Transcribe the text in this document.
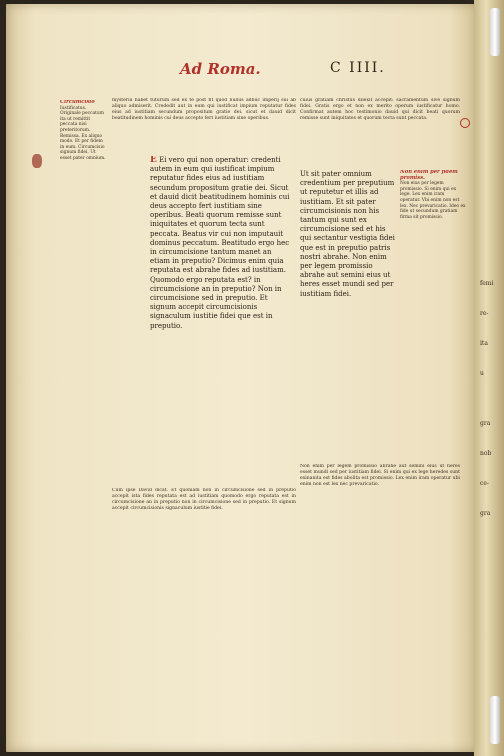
femi
re-
ita
u
gra
nob
ce-
gra
Ad Roma.	C IIII.

mysteriu habet futurum sed ex te post fit quod nullus adhuc imperij sui ab aliquo admiserit. Crededit aut in eum qui iustificat impium reputatur fides eius ad iustitiam secundum propositum gratie dei. sicut et dauid dicit beatitudinem hominis cui deus accepto fert iustitiam sine operibus.

cuius gratiam christus dilexit accepit: sacramentum sive signum fidei. Gratis ergo et non ex merito operum iustificatur homo. Confirmat autem hoc testimonio dauid qui dicit beati quorum remisse sunt iniquitates et quorum tecta sunt peccata.

Circumcisio
Iustificatus. Originale peccatum ita ut remittit peccata nisi preteritorum. Remissa. Ex aliquo modo. Et per fidem in eum. Circumcisio signum fidei. Ut esset pater omnium.	E Ei vero qui non operatur: credenti autem in eum qui iustificat impium reputatur fides eius ad iustitiam secundum propositum gratie dei. Sicut et dauid dicit beatitudinem hominis cui deus accepto fert iustitiam sine operibus. Beati quorum remisse sunt iniquitates et quorum tecta sunt peccata. Beatus vir cui non imputauit dominus peccatum. Beatitudo ergo hec in circumcisione tantum manet an etiam in preputio? Dicimus enim quia reputata est abrahe fides ad iustitiam. Quomodo ergo reputata est? in circumcisione an in preputio? Non in circumcisione sed in preputio. Et signum accepit circumcisionis signaculum iustitie fidei que est in preputio.
Ut sit pater omnium credentium per preputium ut reputetur et illis ad iustitiam. Et sit pater circumcisionis non his tantum qui sunt ex circumcisione sed et his qui sectantur vestigia fidei que est in preputio patris nostri abrahe. Non enim per legem promissio abrahe aut semini eius ut heres esset mundi sed per iustitiam fidei.
Non enim per fidem promiss.
Non eius per legem promissio. Si enim qui ex lege. Lex enim iram operatur. Vbi enim non est lex. Nec prevaricatio. Ideo ex fide ut secundum gratiam firma sit promissio.

Cum ipse David dicat. Et quoniam non in circumcisione sed in preputio accepit ista fides reputata est ad iustitiam quomodo ergo reputata est in circumcisione an in preputio non in circumcisione sed in preputio. Et signum accepit circumcisionis signaculum iustitie fidei.

Non enim per legem promissio abrahe aut semini eius ut heres esset mundi sed per iustitiam fidei. Si enim qui ex lege heredes sunt exinanita est fides abolita est promissio. Lex enim iram operatur ubi enim non est lex nec prevaricatio.
